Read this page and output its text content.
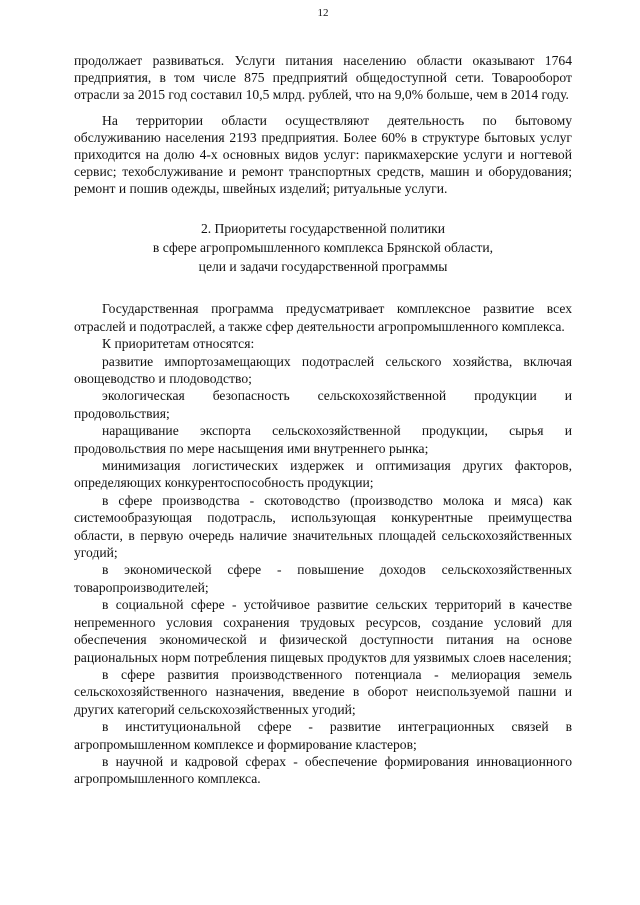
12

продолжает развиваться. Услуги питания населению области оказывают 1764 предприятия, в том числе 875 предприятий общедоступной сети. Товарооборот отрасли за 2015 год составил 10,5 млрд. рублей, что на 9,0% больше, чем в 2014 году.

На территории области осуществляют деятельность по бытовому обслуживанию населения 2193 предприятия. Более 60% в структуре бытовых услуг приходится на долю 4-х основных видов услуг: парикмахерские услуги и ногтевой сервис; техобслуживание и ремонт транспортных средств, машин и оборудования; ремонт и пошив одежды, швейных изделий; ритуальные услуги.

2. Приоритеты государственной политики
в сфере агропромышленного комплекса Брянской области,
цели и задачи государственной программы

Государственная программа предусматривает комплексное развитие всех отраслей и подотраслей, а также сфер деятельности агропромышленного комплекса.

К приоритетам относятся:

развитие импортозамещающих подотраслей сельского хозяйства, включая овощеводство и плодоводство;

экологическая безопасность сельскохозяйственной продукции и продовольствия;

наращивание экспорта сельскохозяйственной продукции, сырья и продовольствия по мере насыщения ими внутреннего рынка;

минимизация логистических издержек и оптимизация других факторов, определяющих конкурентоспособность продукции;

в сфере производства - скотоводство (производство молока и мяса) как системообразующая подотрасль, использующая конкурентные преимущества области, в первую очередь наличие значительных площадей сельскохозяйственных угодий;

в экономической сфере - повышение доходов сельскохозяйственных товаропроизводителей;

в социальной сфере - устойчивое развитие сельских территорий в качестве непременного условия сохранения трудовых ресурсов, создание условий для обеспечения экономической и физической доступности питания на основе рациональных норм потребления пищевых продуктов для уязвимых слоев населения;

в сфере развития производственного потенциала - мелиорация земель сельскохозяйственного назначения, введение в оборот неиспользуемой пашни и других категорий сельскохозяйственных угодий;

в институциональной сфере - развитие интеграционных связей в агропромышленном комплексе и формирование кластеров;

в научной и кадровой сферах - обеспечение формирования инновационного агропромышленного комплекса.
